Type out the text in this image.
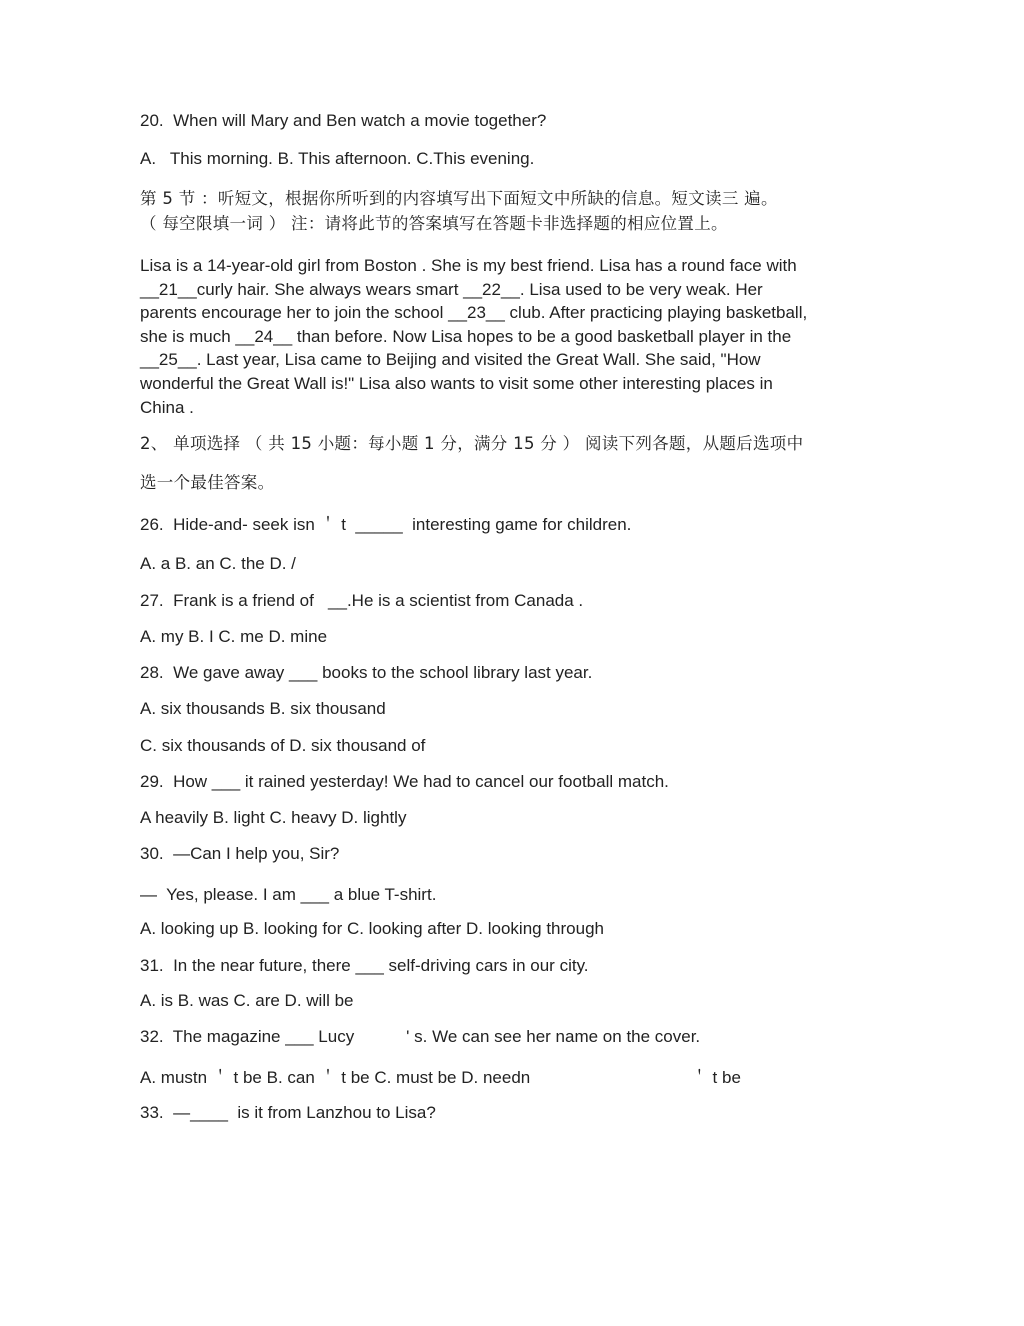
20.  When will Mary and Ben watch a movie together?
A.   This morning. B. This afternoon. C.This evening.
第 5 节 ：听短文，根据你所听到的内容填写出下面短文中所缺的信息。短文读三 遍。
（ 每空限填一词 ） 注：请将此节的答案填写在答题卡非选择题的相应位置上。
Lisa is a 14-year-old girl from Boston . She is my best friend. Lisa has a round face with
__21__curly hair. She always wears smart __22__. Lisa used to be very weak. Her
parents encourage her to join the school __23__ club. After practicing playing basketball,
she is much __24__ than before. Now Lisa hopes to be a good basketball player in the
__25__. Last year, Lisa came to Beijing and visited the Great Wall. She said, "How
wonderful the Great Wall is!" Lisa also wants to visit some other interesting places in
China .
2、 单项选择 （ 共 15 小题：每小题 1 分，满分 15 分 ） 阅读下列各题，从题后选项中
选一个最佳答案。
26.  Hide-and- seek isn ＇ t  _____  interesting game for children.
A. a B. an C. the D. /
27.  Frank is a friend of   __.He is a scientist from Canada .
A. my B. I C. me D. mine
28.  We gave away ___ books to the school library last year.
A. six thousands B. six thousand
C. six thousands of D. six thousand of
29.  How ___ it rained yesterday! We had to cancel our football match.
A heavily B. light C. heavy D. lightly
30.  —Can I help you, Sir?
—  Yes, please. I am ___ a blue T-shirt.
A. looking up B. looking for C. looking after D. looking through
31.  In the near future, there ___ self-driving cars in our city.
A. is B. was C. are D. will be
32.  The magazine ___ Lucy           ' s. We can see her name on the cover.
A. mustn ＇ t be B. can ＇ t be C. must be D. needn                                  ＇ t be
33.  —____  is it from Lanzhou to Lisa?
